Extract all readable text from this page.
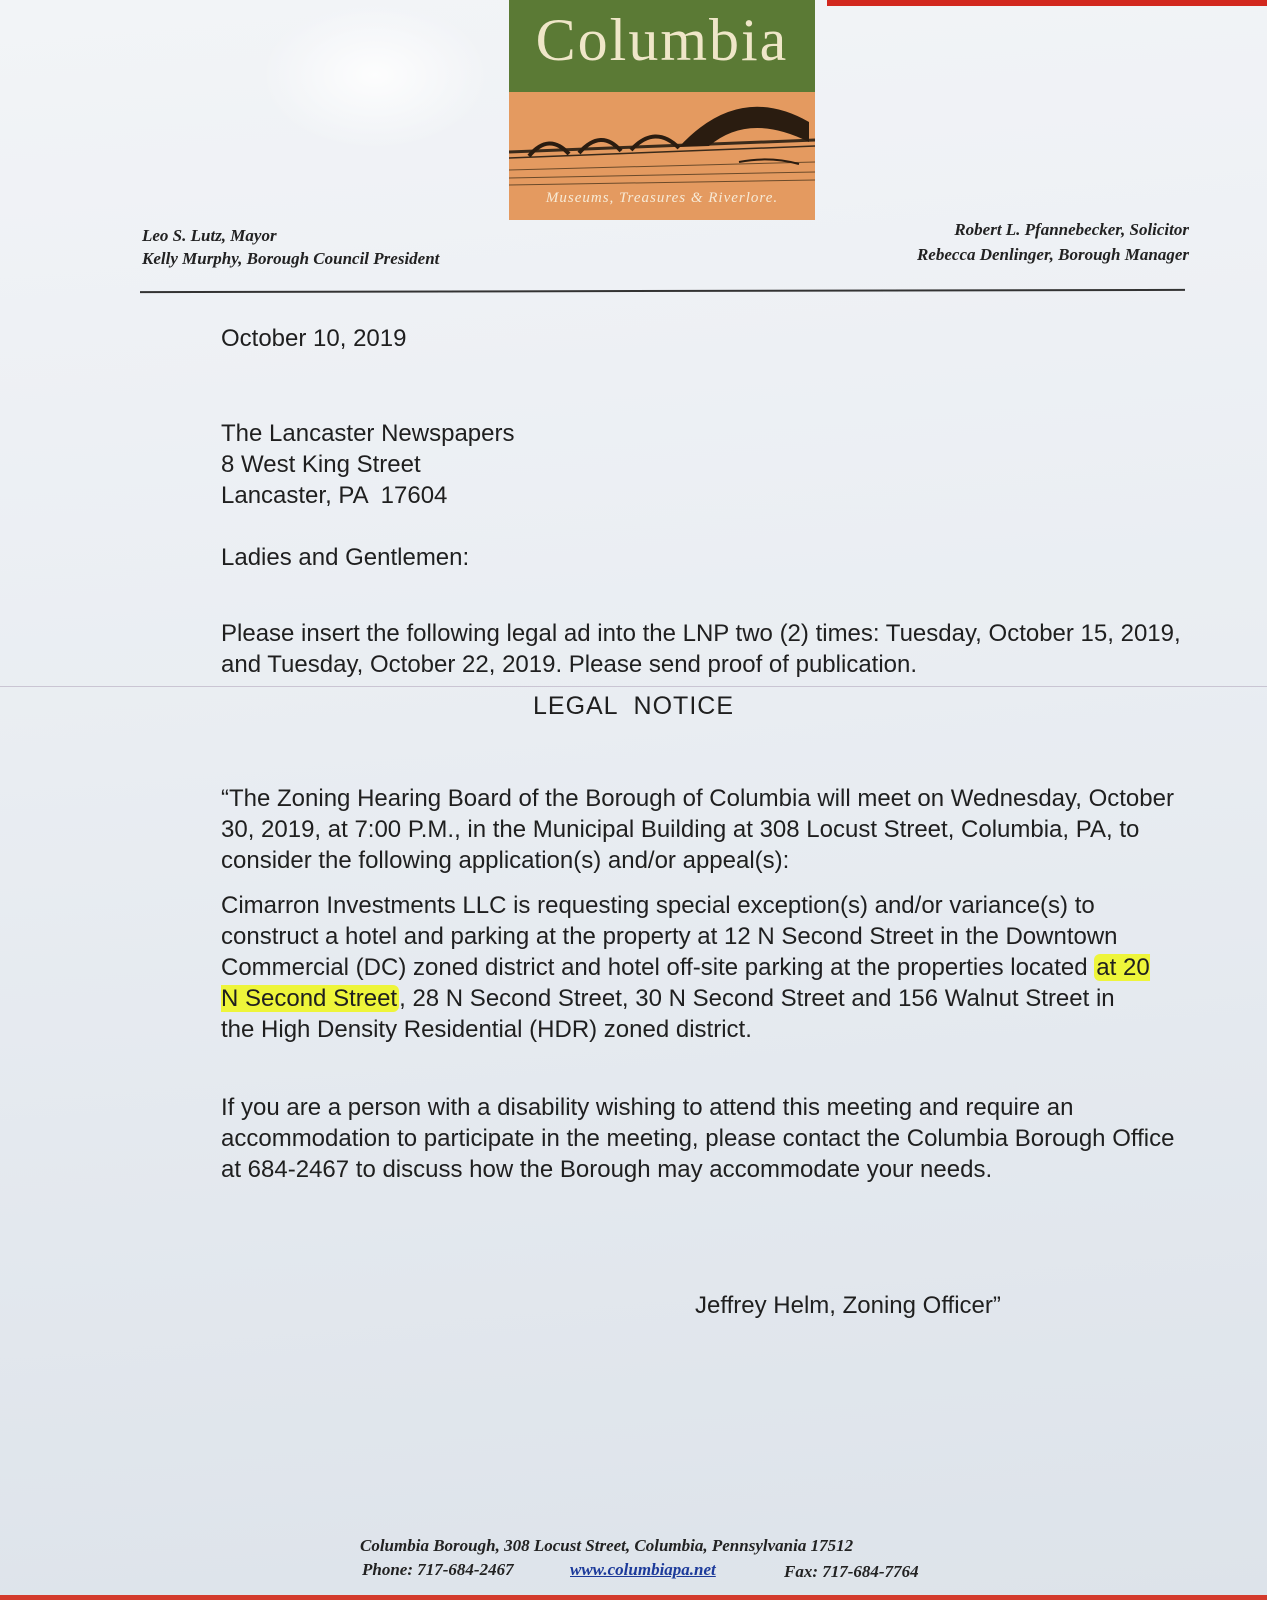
Columbia
Museums, Treasures & Riverlore.
Leo S. Lutz, Mayor
Kelly Murphy, Borough Council President
Robert L. Pfannebecker, Solicitor
Rebecca Denlinger, Borough Manager
October 10, 2019
The Lancaster Newspapers
8 West King Street
Lancaster, PA  17604
Ladies and Gentlemen:
Please insert the following legal ad into the LNP two (2) times: Tuesday, October 15, 2019, and Tuesday, October 22, 2019. Please send proof of publication.
LEGAL  NOTICE
“The Zoning Hearing Board of the Borough of Columbia will meet on Wednesday, October 30, 2019, at 7:00 P.M., in the Municipal Building at 308 Locust Street, Columbia, PA, to consider the following application(s) and/or appeal(s):
Cimarron Investments LLC is requesting special exception(s) and/or variance(s) to construct a hotel and parking at the property at 12 N Second Street in the Downtown Commercial (DC) zoned district and hotel off-site parking at the properties located at 20 N Second Street, 28 N Second Street, 30 N Second Street and 156 Walnut Street in the High Density Residential (HDR) zoned district.
If you are a person with a disability wishing to attend this meeting and require an accommodation to participate in the meeting, please contact the Columbia Borough Office at 684-2467 to discuss how the Borough may accommodate your needs.
Jeffrey Helm, Zoning Officer”
Columbia Borough, 308 Locust Street, Columbia, Pennsylvania 17512
Phone: 717-684-2467	www.columbiapa.net	Fax: 717-684-7764
